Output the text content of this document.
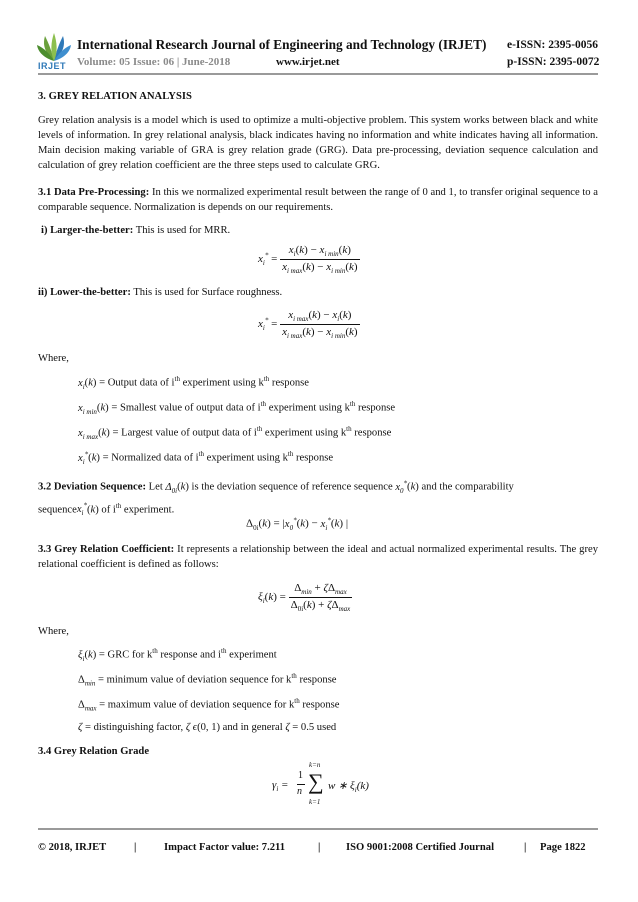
IRJET
International Research Journal of Engineering and Technology (IRJET) e-ISSN: 2395-0056
Volume: 05 Issue: 06 | June-2018	www.irjet.net	p-ISSN: 2395-0072
3. GREY RELATION ANALYSIS

Grey relation analysis is a model which is used to optimize a multi-objective problem. This system works between black and white levels of information. In grey relational analysis, black indicates having no information and white indicates having all information. Main decision making variable of GRA is grey relation grade (GRG). Data pre-processing, deviation sequence calculation and calculation of grey relation coefficient are the three steps used to calculate GRG.

3.1 Data Pre-Processing: In this we normalized experimental result between the range of 0 and 1, to transfer original sequence to a comparable sequence. Normalization is depends on our requirements.

i) Larger-the-better: This is used for MRR.
$x_i^* = \frac{x_i(k) - x_{i min}(k)}{x_{i max}(k) - x_{i min}(k)}$
ii) Lower-the-better: This is used for Surface roughness.
$x_i^* = \frac{x_{i max}(k) - x_i(k)}{x_{i max}(k) - x_{i min}(k)}$
Where,
$x_i(k)$ = Output data of $i^{th}$ experiment using $k^{th}$ response
$x_{i min}(k)$ = Smallest value of output data of $i^{th}$ experiment using $k^{th}$ response
$x_{i max}(k)$ = Largest value of output data of $i^{th}$ experiment using $k^{th}$ response
$x_i^*(k)$ = Normalized data of $i^{th}$ experiment using $k^{th}$ response
3.2 Deviation Sequence: Let $\Delta_{0i}(k)$ is the deviation sequence of reference sequence $x_0^*(k)$ and the comparability
sequencex$_i$*(k) of $i^{th}$ experiment.
$\Delta_{0i}(k) = |x_0^*(k) - x_i^*(k)$ |

3.3 Grey Relation Coefficient: It represents a relationship between the ideal and actual normalized experimental results. The grey relational coefficient is defined as follows:

$\xi_i(k) = \frac{\Delta_{min} + \zeta\Delta_{max}}{\Delta_{0i}(k) + \zeta\Delta_{max}}$
Where,
$\xi_i(k)$ = GRC for $k^{th}$ response and $i^{th}$ experiment
$\Delta_{min}$ = minimum value of deviation sequence for $k^{th}$ response
$\Delta_{max}$ = maximum value of deviation sequence for $k^{th}$ response
ζ = distinguishing factor, ζ ϵ(0, 1) and in general ζ = 0.5 used
3.4 Grey Relation Grade
$\gamma_i$ =
1
n
k=n
∑
k=1
w ∗ $\xi_i(k)$
© 2018, IRJET	|	Impact Factor value: 7.211	| ISO 9001:2008 Certified Journal	| Page 1822
